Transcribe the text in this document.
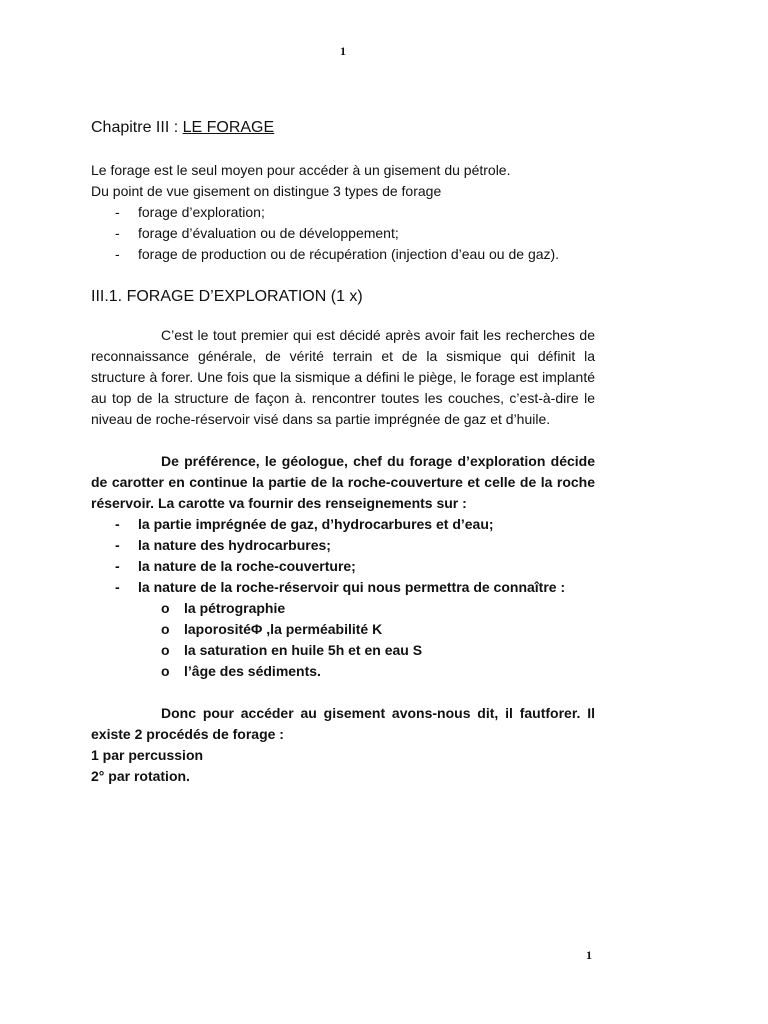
1
Chapitre III : LE FORAGE

Le forage est le seul moyen pour accéder à un gisement du pétrole.

Du point de vue gisement on distingue 3 types de forage

- forage d’exploration;
- forage d’évaluation ou de développement;
- forage de production ou de récupération (injection d’eau ou de gaz).
III.1. FORAGE D’EXPLORATION (1 x)

C’est le tout premier qui est décidé après avoir fait les recherches de reconnaissance générale, de vérité terrain et de la sismique qui définit la structure à forer. Une fois que la sismique a défini le piège, le forage est implanté au top de la structure de façon à. rencontrer toutes les couches, c’est-à-dire le niveau de roche-réservoir visé dans sa partie imprégnée de gaz et d’huile.

De préférence, le géologue, chef du forage d’exploration décide de carotter en continue la partie de la roche-couverture et celle de la roche réservoir. La carotte va fournir des renseignements sur :

- la partie imprégnée de gaz, d’hydrocarbures et d’eau;
- la nature des hydrocarbures;
- la nature de la roche-couverture;
- la nature de la roche-réservoir qui nous permettra de connaître :
o la pétrographie
o laporositéΦ ,la perméabilité K
o la saturation en huile 5h et en eau S
o l’âge des sédiments.

Donc pour accéder au gisement avons-nous dit, il fautforer. Il existe 2 procédés de forage :

1 par percussion

2° par rotation.

1
